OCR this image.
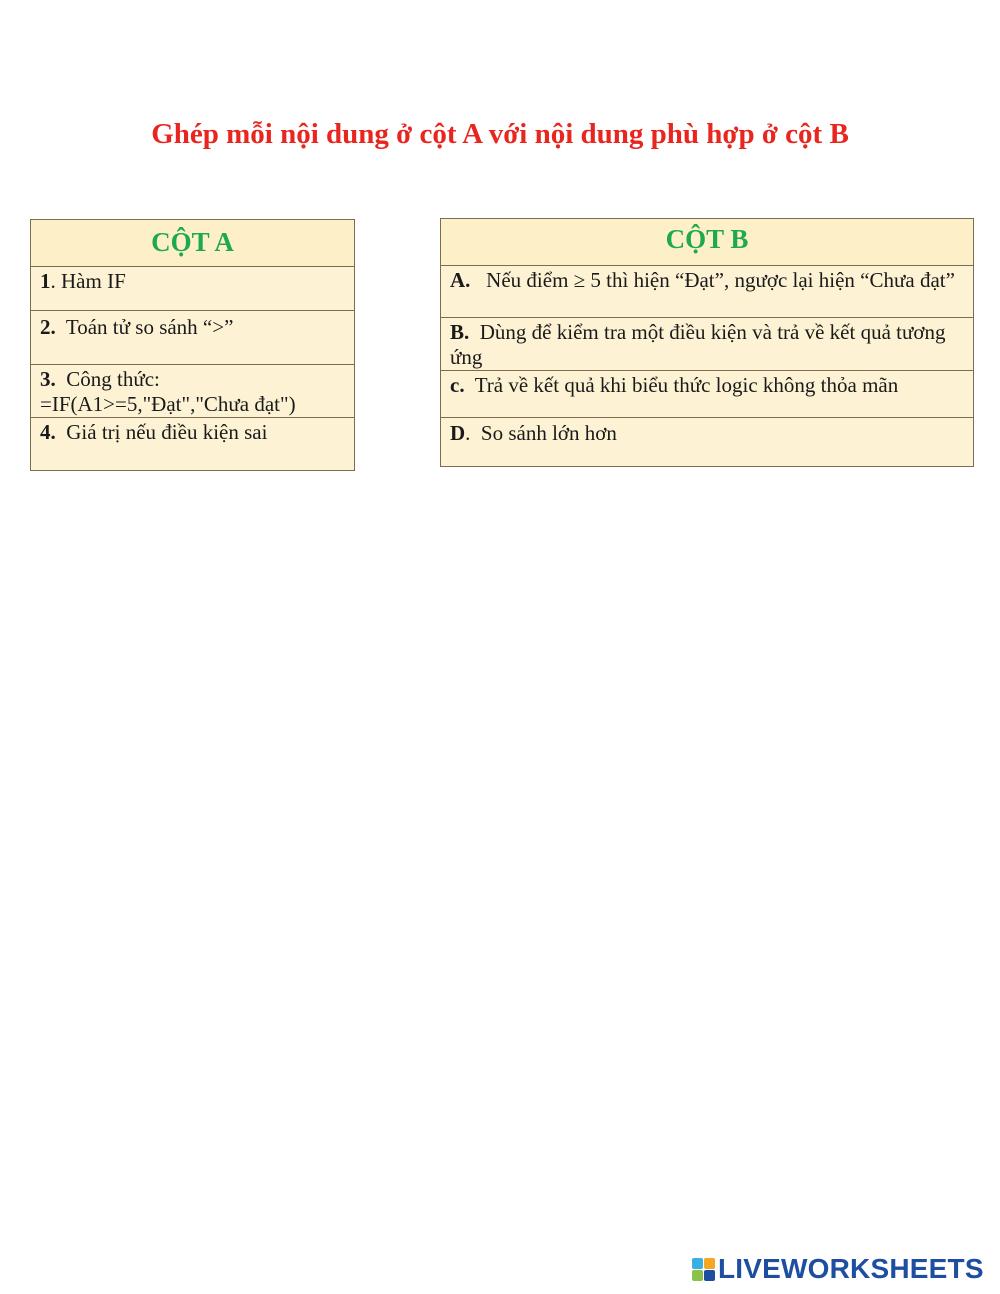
Ghép mỗi nội dung ở cột A với nội dung phù hợp ở cột B
CỘT A
1. Hàm IF
2.  Toán tử so sánh “>”
3.  Công thức: =IF(A1>=5,"Đạt","Chưa đạt")
4.  Giá trị nếu điều kiện sai
CỘT B
A.   Nếu điểm ≥ 5 thì hiện “Đạt”, ngược lại hiện “Chưa đạt”
B.  Dùng để kiểm tra một điều kiện và trả về kết quả tương ứng
c.  Trả về kết quả khi biểu thức logic không thỏa mãn
D.  So sánh lớn hơn
LIVEWORKSHEETS
